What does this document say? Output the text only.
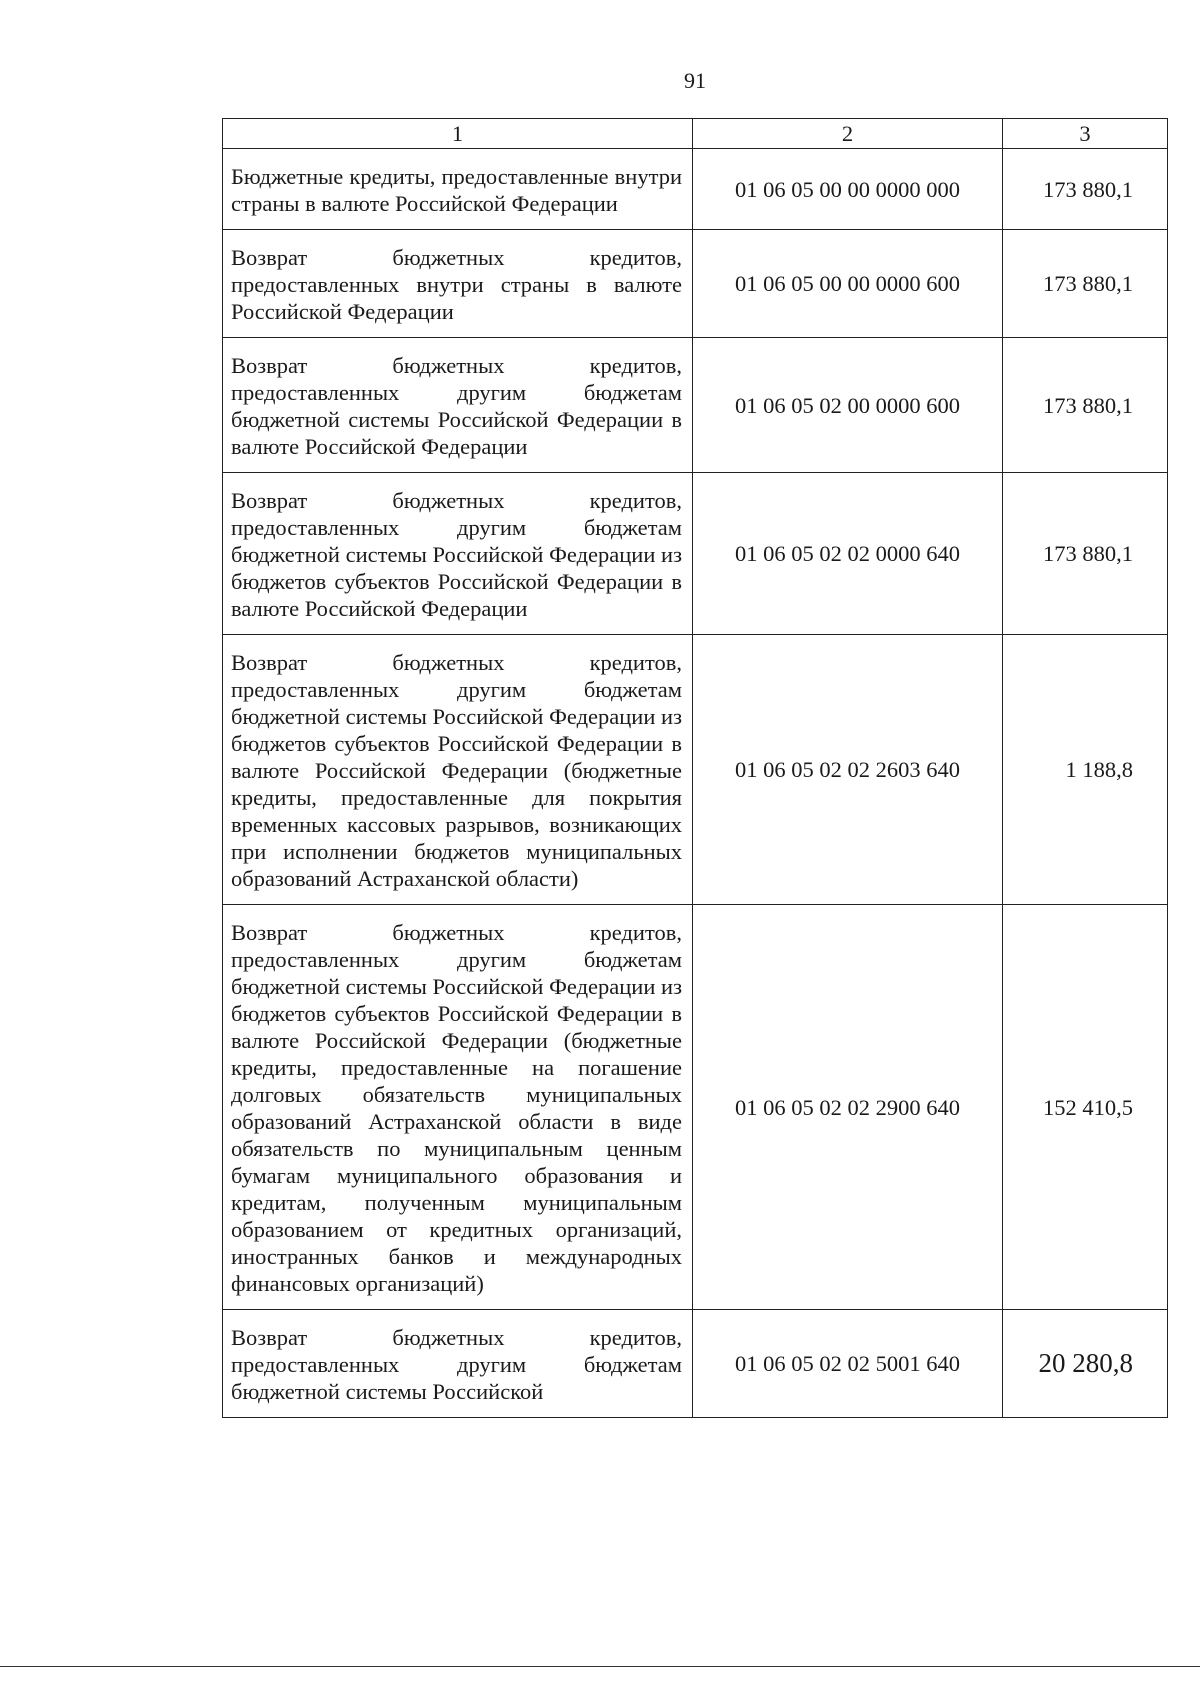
91
1	2	3
Бюджетные кредиты, предоставленные внутри страны в валюте Российской Федерации	01 06 05 00 00 0000 000	173 880,1
Возврат бюджетных кредитов, предоставленных внутри страны в валюте Российской Федерации	01 06 05 00 00 0000 600	173 880,1
Возврат бюджетных кредитов, предоставленных другим бюджетам бюджетной системы Российской Федерации в валюте Российской Федерации	01 06 05 02 00 0000 600	173 880,1
Возврат бюджетных кредитов, предоставленных другим бюджетам бюджетной системы Российской Федерации из бюджетов субъектов Российской Федерации в валюте Российской Федерации	01 06 05 02 02 0000 640	173 880,1
Возврат бюджетных кредитов, предоставленных другим бюджетам бюджетной системы Российской Федерации из бюджетов субъектов Российской Федерации в валюте Российской Федерации (бюджетные кредиты, предоставленные для покрытия временных кассовых разрывов, возникающих при исполнении бюджетов муниципальных образований Астраханской области)	01 06 05 02 02 2603 640	1 188,8
Возврат бюджетных кредитов, предоставленных другим бюджетам бюджетной системы Российской Федерации из бюджетов субъектов Российской Федерации в валюте Российской Федерации (бюджетные кредиты, предоставленные на погашение долговых обязательств муниципальных образований Астраханской области в виде обязательств по муниципальным ценным бумагам муниципального образования и кредитам, полученным муниципальным образованием от кредитных организаций, иностранных банков и международных финансовых организаций)	01 06 05 02 02 2900 640	152 410,5
Возврат бюджетных кредитов, предоставленных другим бюджетам бюджетной системы Российской	01 06 05 02 02 5001 640	20 280,8
